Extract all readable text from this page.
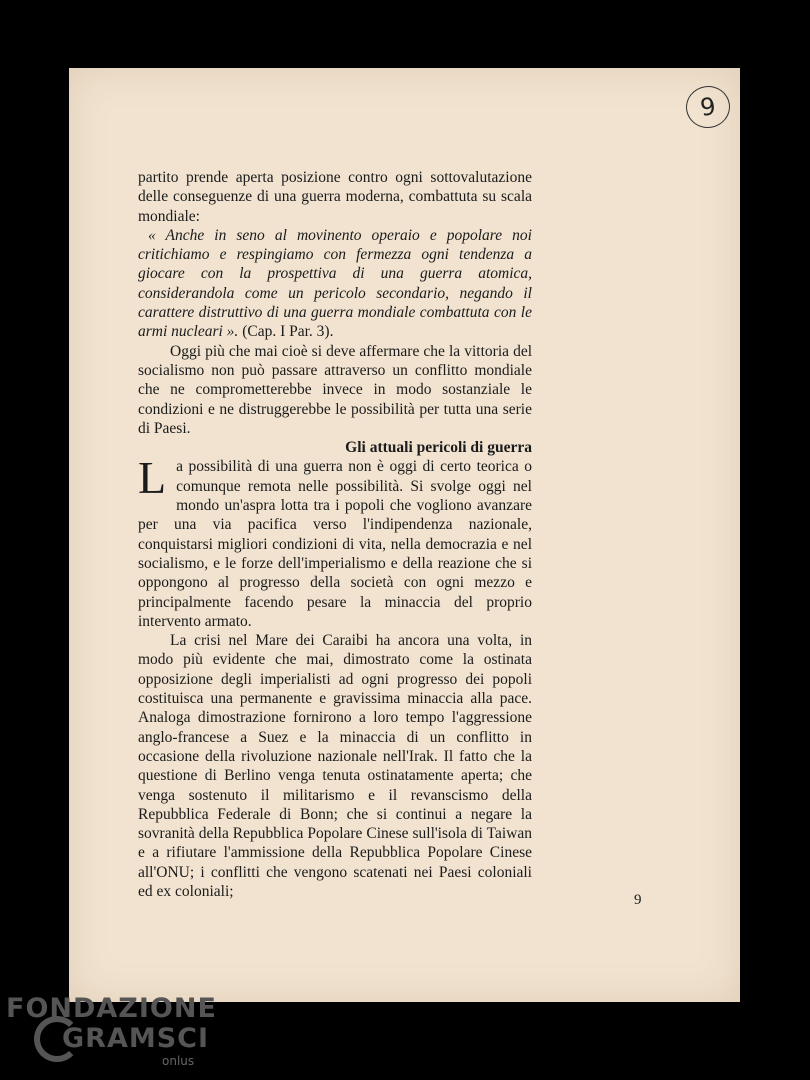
9

partito prende aperta posizione contro ogni sottovalutazione delle conseguenze di una guerra moderna, combattuta su scala mondiale:

« Anche in seno al movinento operaio e popolare noi critichiamo e respingiamo con fermezza ogni tendenza a giocare con la prospettiva di una guerra atomica, considerandola come un pericolo secondario, negando il carattere distruttivo di una guerra mondiale combattuta con le armi nucleari ». (Cap. I Par. 3).

Oggi più che mai cioè si deve affermare che la vittoria del socialismo non può passare attraverso un conflitto mondiale che ne comprometterebbe invece in modo sostanziale le condizioni e ne distruggerebbe le possibilità per tutta una serie di Paesi.

Gli attuali pericoli di guerra

La possibilità di una guerra non è oggi di certo teorica o comunque remota nelle possibilità. Si svolge oggi nel mondo un'aspra lotta tra i popoli che vogliono avanzare per una via pacifica verso l'indipendenza nazionale, conquistarsi migliori condizioni di vita, nella democrazia e nel socialismo, e le forze dell'imperialismo e della reazione che si oppongono al progresso della società con ogni mezzo e principalmente facendo pesare la minaccia del proprio intervento armato.

La crisi nel Mare dei Caraibi ha ancora una volta, in modo più evidente che mai, dimostrato come la ostinata opposizione degli imperialisti ad ogni progresso dei popoli costituisca una permanente e gravissima minaccia alla pace. Analoga dimostrazione fornirono a loro tempo l'aggressione anglo-francese a Suez e la minaccia di un conflitto in occasione della rivoluzione nazionale nell'Irak. Il fatto che la questione di Berlino venga tenuta ostinatamente aperta; che venga sostenuto il militarismo e il revanscismo della Repubblica Federale di Bonn; che si continui a negare la sovranità della Repubblica Popolare Cinese sull'isola di Taiwan e a rifiutare l'ammissione della Repubblica Popolare Cinese all'ONU; i conflitti che vengono scatenati nei Paesi coloniali ed ex coloniali;

9
FONDAZIONE
GRAMSCI
onlus
